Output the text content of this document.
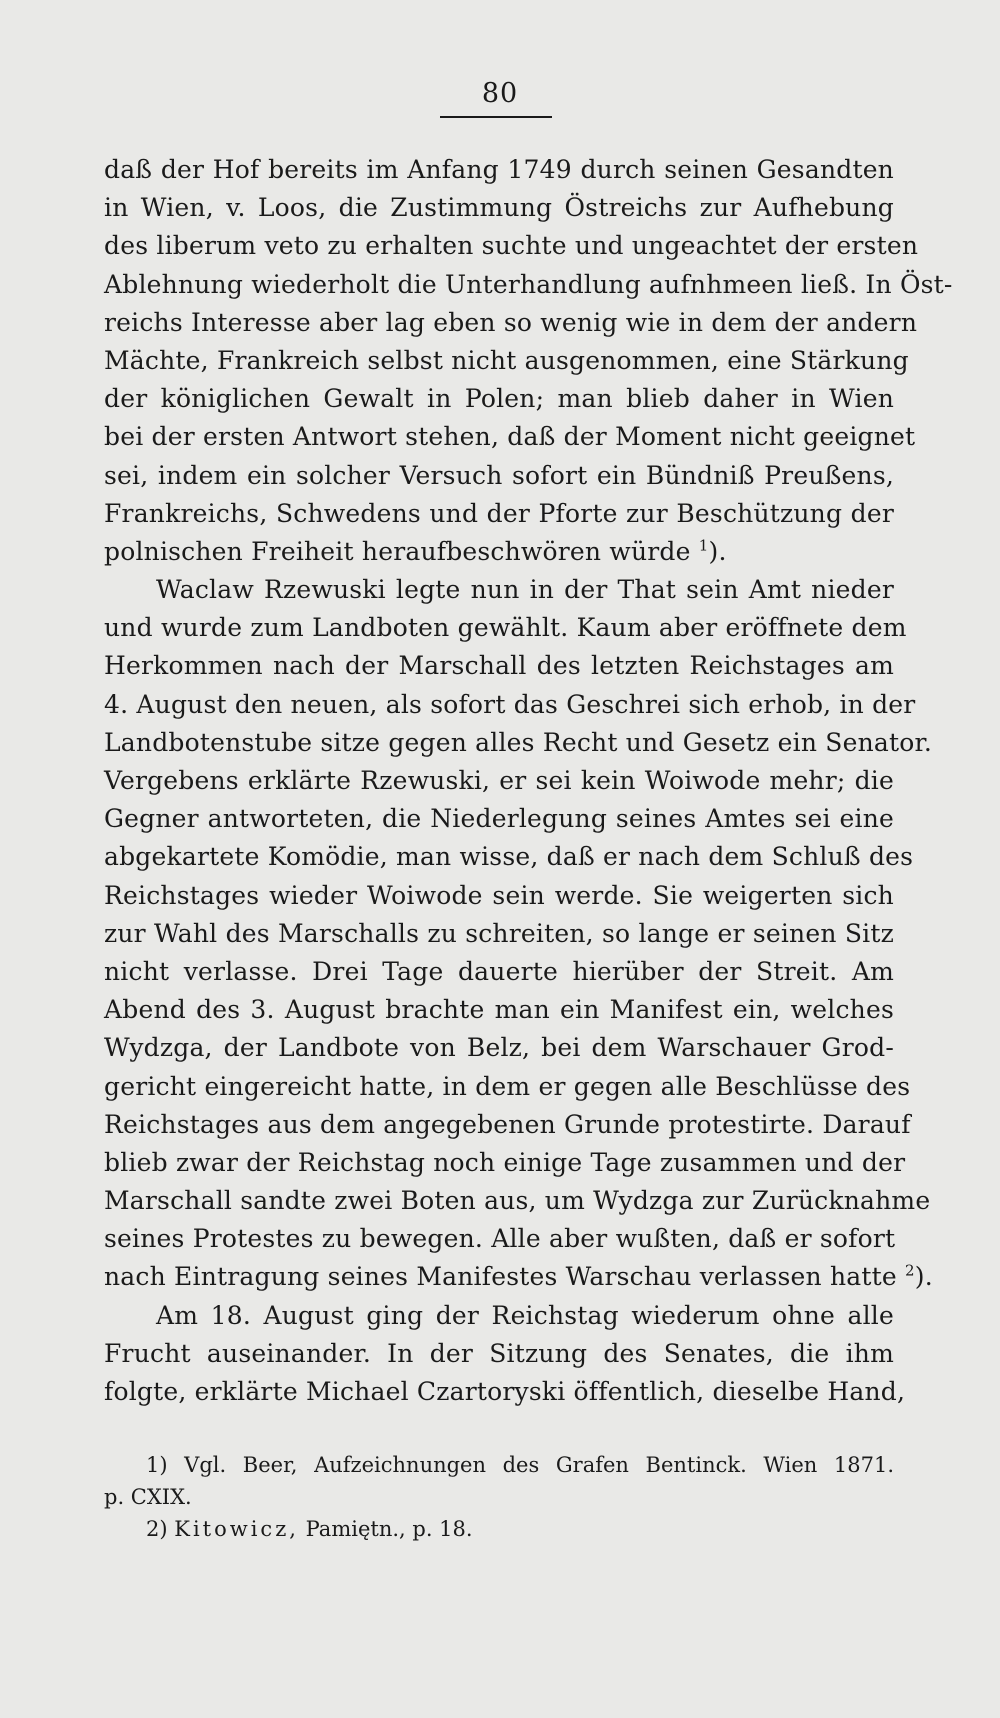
80
daß der Hof bereits im Anfang 1749 durch seinen Gesandten
in Wien, v. Loos, die Zustimmung Östreichs zur Aufhebung
des liberum veto zu erhalten suchte und ungeachtet der ersten
Ablehnung wiederholt die Unterhandlung aufnhmeen ließ. In Öst-
reichs Interesse aber lag eben so wenig wie in dem der andern
Mächte, Frankreich selbst nicht ausgenommen, eine Stärkung
der königlichen Gewalt in Polen; man blieb daher in Wien
bei der ersten Antwort stehen, daß der Moment nicht geeignet
sei, indem ein solcher Versuch sofort ein Bündniß Preußens,
Frankreichs, Schwedens und der Pforte zur Beschützung der
polnischen Freiheit heraufbeschwören würde $^1$).
Waclaw Rzewuski legte nun in der That sein Amt nieder
und wurde zum Landboten gewählt. Kaum aber eröffnete dem
Herkommen nach der Marschall des letzten Reichstages am
4. August den neuen, als sofort das Geschrei sich erhob, in der
Landbotenstube sitze gegen alles Recht und Gesetz ein Senator.
Vergebens erklärte Rzewuski, er sei kein Woiwode mehr; die
Gegner antworteten, die Niederlegung seines Amtes sei eine
abgekartete Komödie, man wisse, daß er nach dem Schluß des
Reichstages wieder Woiwode sein werde. Sie weigerten sich
zur Wahl des Marschalls zu schreiten, so lange er seinen Sitz
nicht verlasse. Drei Tage dauerte hierüber der Streit. Am
Abend des 3. August brachte man ein Manifest ein, welches
Wydzga, der Landbote von Belz, bei dem Warschauer Grod-
gericht eingereicht hatte, in dem er gegen alle Beschlüsse des
Reichstages aus dem angegebenen Grunde protestirte. Darauf
blieb zwar der Reichstag noch einige Tage zusammen und der
Marschall sandte zwei Boten aus, um Wydzga zur Zurücknahme
seines Protestes zu bewegen. Alle aber wußten, daß er sofort
nach Eintragung seines Manifestes Warschau verlassen hatte $^2$).
Am 18. August ging der Reichstag wiederum ohne alle
Frucht auseinander. In der Sitzung des Senates, die ihm
folgte, erklärte Michael Czartoryski öffentlich, dieselbe Hand,
1) Vgl. Beer, Aufzeichnungen des Grafen Bentinck. Wien 1871.
p. CXIX.
2) Kitowicz, Pamiętn., p. 18.
